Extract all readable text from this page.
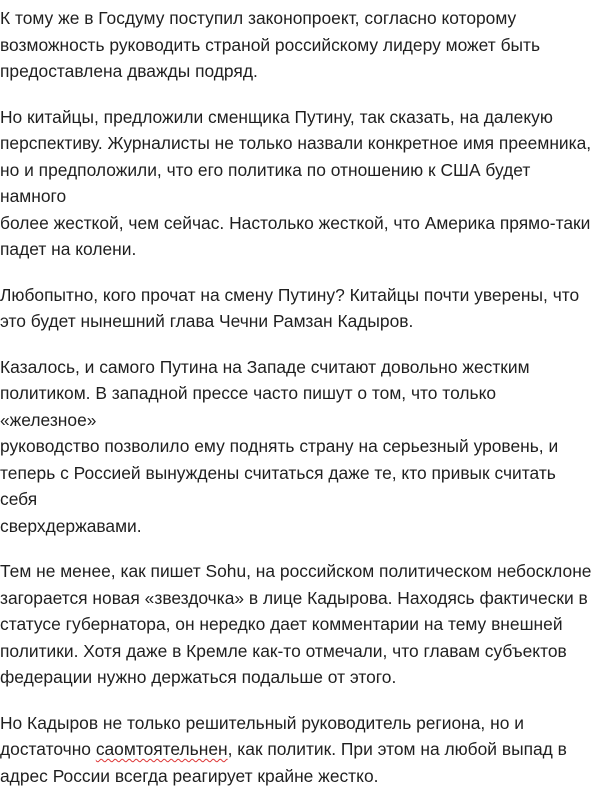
К тому же в Госдуму поступил законопроект, согласно которому
возможность руководить страной российскому лидеру может быть
предоставлена дважды подряд.

Но китайцы, предложили сменщика Путину, так сказать, на далекую
перспективу. Журналисты не только назвали конкретное имя преемника,
но и предположили, что его политика по отношению к США будет намного
более жесткой, чем сейчас. Настолько жесткой, что Америка прямо-таки
падет на колени.

Любопытно, кого прочат на смену Путину? Китайцы почти уверены, что
это будет нынешний глава Чечни Рамзан Кадыров.

Казалось, и самого Путина на Западе считают довольно жестким
политиком. В западной прессе часто пишут о том, что только «железное»
руководство позволило ему поднять страну на серьезный уровень, и
теперь с Россией вынуждены считаться даже те, кто привык считать себя
сверхдержавами.

Тем не менее, как пишет Sohu, на российском политическом небосклоне
загорается новая «звездочка» в лице Кадырова. Находясь фактически в
статусе губернатора, он нередко дает комментарии на тему внешней
политики. Хотя даже в Кремле как-то отмечали, что главам субъектов
федерации нужно держаться подальше от этого.

Но Кадыров не только решительный руководитель региона, но и
достаточно саомтоятельнен, как политик. При этом на любой выпад в
адрес России всегда реагирует крайне жестко.
